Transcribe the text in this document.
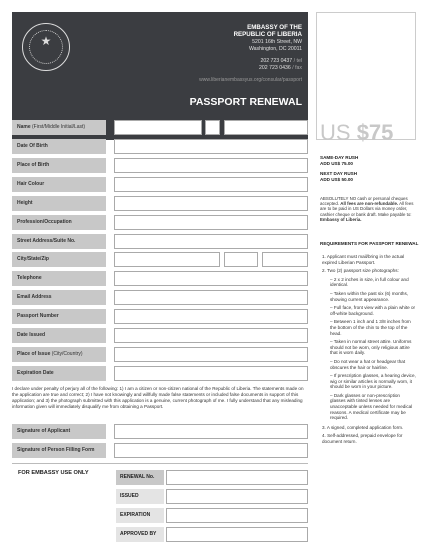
★
EMBASSY OF THE
REPUBLIC OF LIBERIA
5201 16th Street, NW
Washington, DC 20011
202 723 0437 / tel
202 723 0436 / fax
www.liberianembassyus.org/consular/passport
PASSPORT RENEWAL
Name (First/Middle Initial/Last)
Date Of Birth
Place of Birth
Hair Colour
Height
Profession/Occupation
Street Address/Suite No.
City/State/Zip
Telephone
Email Address
Passport Number
Date Issued
Place of Issue (City/Country)
Expiration Date
I declare under penalty of perjury all of the following: 1) I am a citizen or non-citizen national of the Republic of Liberia. The statements made on the application are true and correct; 2) I have not knowingly and willfully made false statements or included false documents in support of this application; and 3) the photograph submitted with this application is a genuine, current photograph of me. I fully understand that any misleading information given will immediately disqualify me from obtaining a Passport.
Signature of Applicant
Signature of Person Filling Form
FOR EMBASSY USE ONLY
RENEWAL No.
ISSUED
EXPIRATION
APPROVED BY
US $75
SAME-DAY RUSH
ADD US$ 75.00
NEXT DAY RUSH
ADD US$ 50.00
ABSOLUTELY NO cash or personal cheques accepted. All fees are non-refundable. All fees are to be paid in US Dollars via money order, cashier cheque or bank draft. Make payable to: Embassy of Liberia.
REQUIREMENTS FOR PASSPORT RENEWAL
1. Applicant must mail/bring in the actual expired Liberian Passport.
2. Two (2) passport size photographs:
– 2 x 2 inches in size, in full colour and identical.
– Taken within the past six (6) months, showing current appearance.
– Full face, front view with a plain white or off-white background.
– Between 1 inch and 1 3/8 inches from the bottom of the chin to the top of the head.
– Taken in normal street attire. Uniforms should not be worn, only religious attire that is worn daily.
– Do not wear a hat or headgear that obscures the hair or hairline.
– If prescription glasses, a hearing device, wig or similar articles is normally worn, it should be worn in your picture.
– Dark glasses or non-prescription glasses with tinted lenses are unacceptable unless needed for medical reasons. A medical certificate may be required.
3. A signed, completed application form.
4. Self-addressed, prepaid envelope for document return.
